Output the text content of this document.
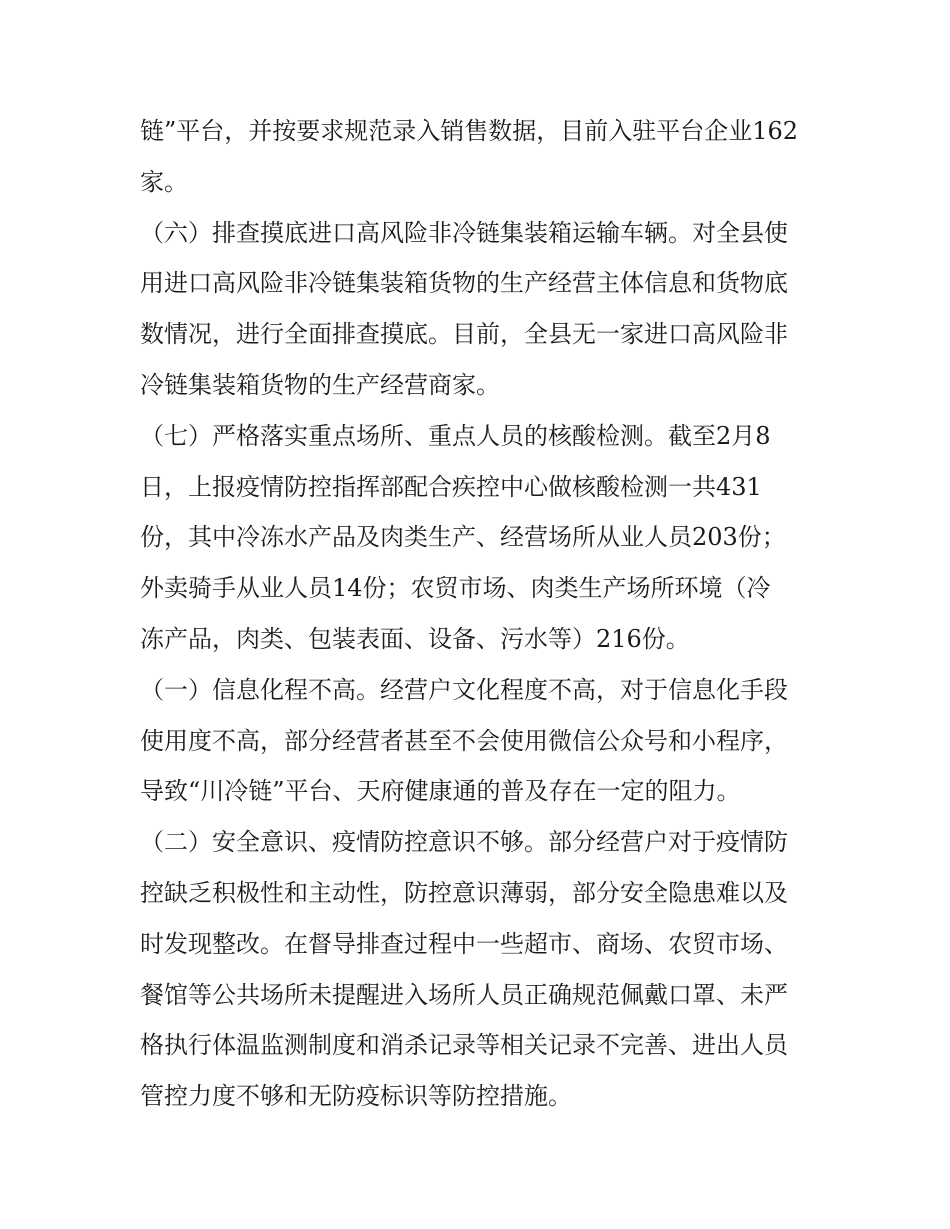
链”平台，并按要求规范录入销售数据，目前入驻平台企业162
家。
（六）排查摸底进口高风险非冷链集装箱运输车辆。对全县使
用进口高风险非冷链集装箱货物的生产经营主体信息和货物底
数情况，进行全面排查摸底。目前，全县无一家进口高风险非
冷链集装箱货物的生产经营商家。
（七）严格落实重点场所、重点人员的核酸检测。截至2月8
日，上报疫情防控指挥部配合疾控中心做核酸检测一共431
份，其中冷冻水产品及肉类生产、经营场所从业人员203份；
外卖骑手从业人员14份；农贸市场、肉类生产场所环境（冷
冻产品，肉类、包装表面、设备、污水等）216份。
（一）信息化程不高。经营户文化程度不高，对于信息化手段
使用度不高，部分经营者甚至不会使用微信公众号和小程序，
导致“川冷链”平台、天府健康通的普及存在一定的阻力。
（二）安全意识、疫情防控意识不够。部分经营户对于疫情防
控缺乏积极性和主动性，防控意识薄弱，部分安全隐患难以及
时发现整改。在督导排查过程中一些超市、商场、农贸市场、
餐馆等公共场所未提醒进入场所人员正确规范佩戴口罩、未严
格执行体温监测制度和消杀记录等相关记录不完善、进出人员
管控力度不够和无防疫标识等防控措施。
